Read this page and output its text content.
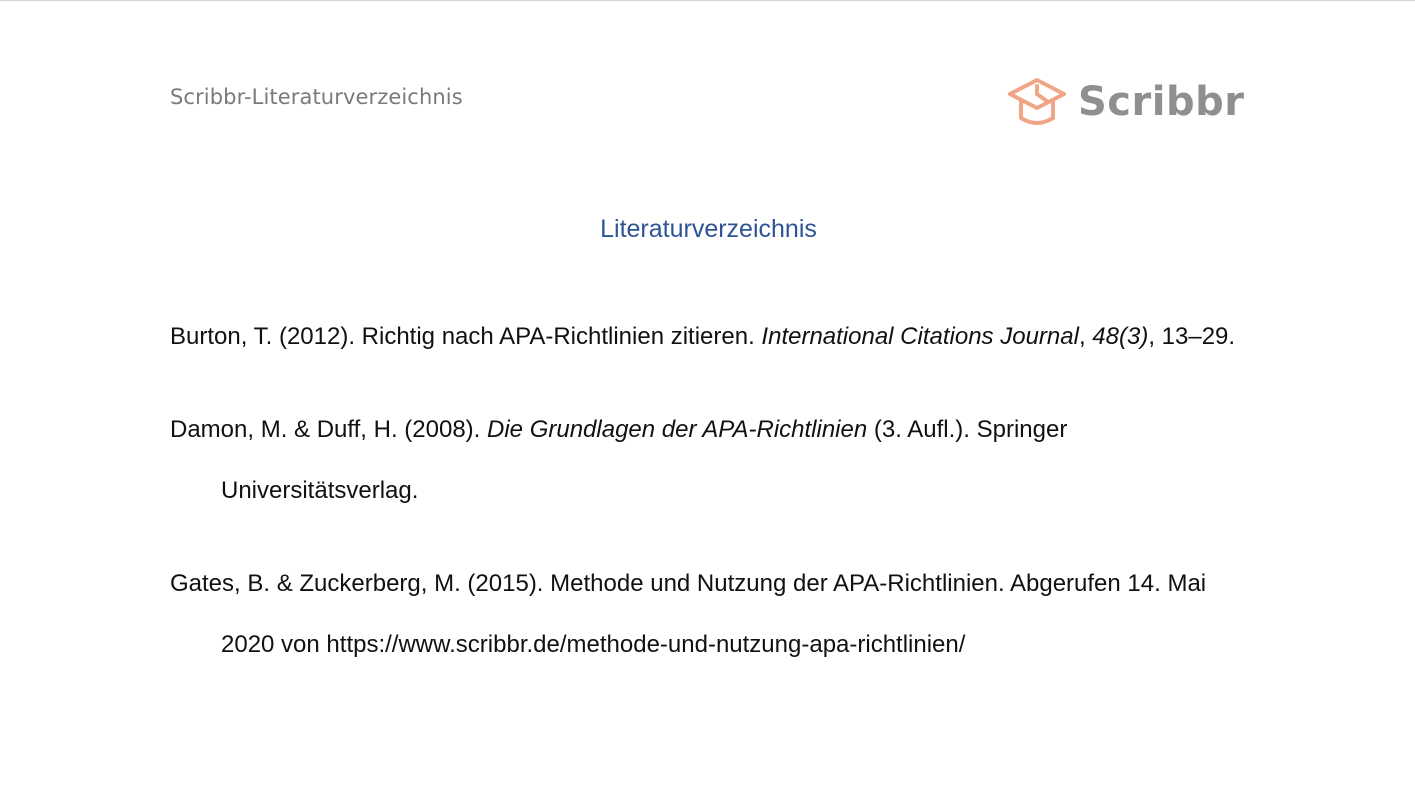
Scribbr-Literaturverzeichnis	Scribbr
Literaturverzeichnis

Burton, T. (2012). Richtig nach APA-Richtlinien zitieren. International Citations Journal, 48(3), 13–29.

Damon, M. & Duff, H. (2008). Die Grundlagen der APA-Richtlinien (3. Aufl.). Springer Universitätsverlag.

Gates, B. & Zuckerberg, M. (2015). Methode und Nutzung der APA-Richtlinien. Abgerufen 14. Mai 2020 von https://www.scribbr.de/methode-und-nutzung-apa-richtlinien/
